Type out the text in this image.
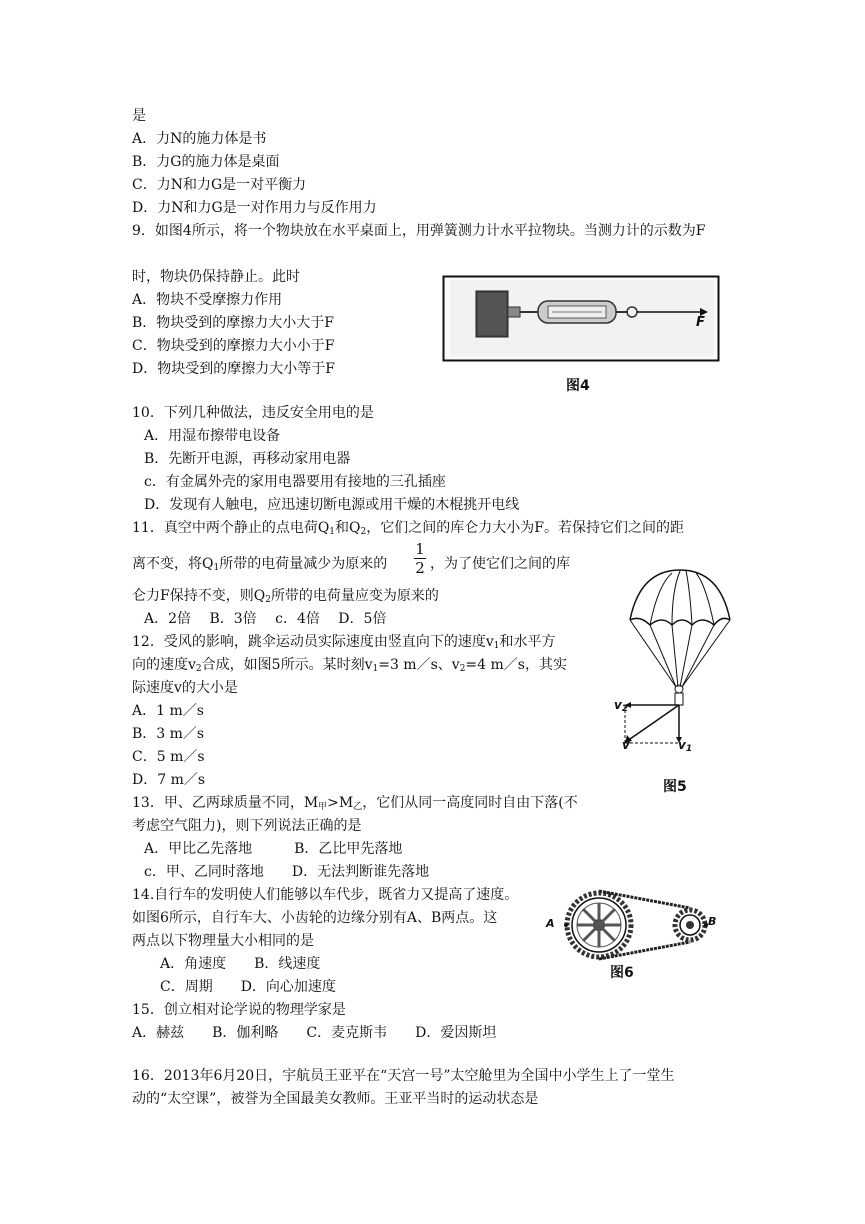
是
A．力N的施力体是书
B．力G的施力体是桌面
C．力N和力G是一对平衡力
D．力N和力G是一对作用力与反作用力
9．如图4所示，将一个物块放在水平桌面上，用弹簧测力计水平拉物块。当测力计的示数为F
时，物块仍保持静止。此时
A．物块不受摩擦力作用
B．物块受到的摩擦力大小大于F
C．物块受到的摩擦力大小小于F
D．物块受到的摩擦力大小等于F
F
图4
10．下列几种做法，违反安全用电的是
A．用湿布擦带电设备
B．先断开电源，再移动家用电器
c．有金属外壳的家用电器要用有接地的三孔插座
D．发现有人触电，应迅速切断电源或用干燥的木棍挑开电线
11．真空中两个静止的点电荷$Q_1$和$Q_2$，它们之间的库仑力大小为F。若保持它们之间的距
离不变，将$Q_1$所带的电荷量减少为原来的
1
2 ，为了使它们之间的库
仑力F保持不变，则$Q_2$所带的电荷量应变为原来的
A．2倍　 B．3倍　 c．4倍　 D．5倍
12．受风的影响，跳伞运动员实际速度由竖直向下的速度$v_1$和水平方
向的速度$v_2$合成，如图5所示。某时刻$v_1=3$ m／s、$v_2=4$ m／s，其实
际速度v的大小是
A．1 m／s
B．3 m／s
C．5 m／s
D．7 m／s
$v_2$
v	$v_1$
图5
13．甲、乙两球质量不同，$M_甲>M_乙$，它们从同一高度同时自由下落(不
考虑空气阻力)，则下列说法正确的是
A．甲比乙先落地　　　B．乙比甲先落地
c．甲、乙同时落地　　D．无法判断谁先落地
14.自行车的发明使人们能够以车代步，既省力又提高了速度。
如图6所示，自行车大、小齿轮的边缘分别有A、B两点。这
两点以下物理量大小相同的是
A．角速度　　B．线速度
C．周期　　D．向心加速度
A	B
图6
15．创立相对论学说的物理学家是
A．赫兹　　B．伽利略　　C．麦克斯韦　　D．爱因斯坦
16．2013年6月20日，宇航员王亚平在“天宫一号”太空舱里为全国中小学生上了一堂生
动的“太空课”，被誉为全国最美女教师。王亚平当时的运动状态是
